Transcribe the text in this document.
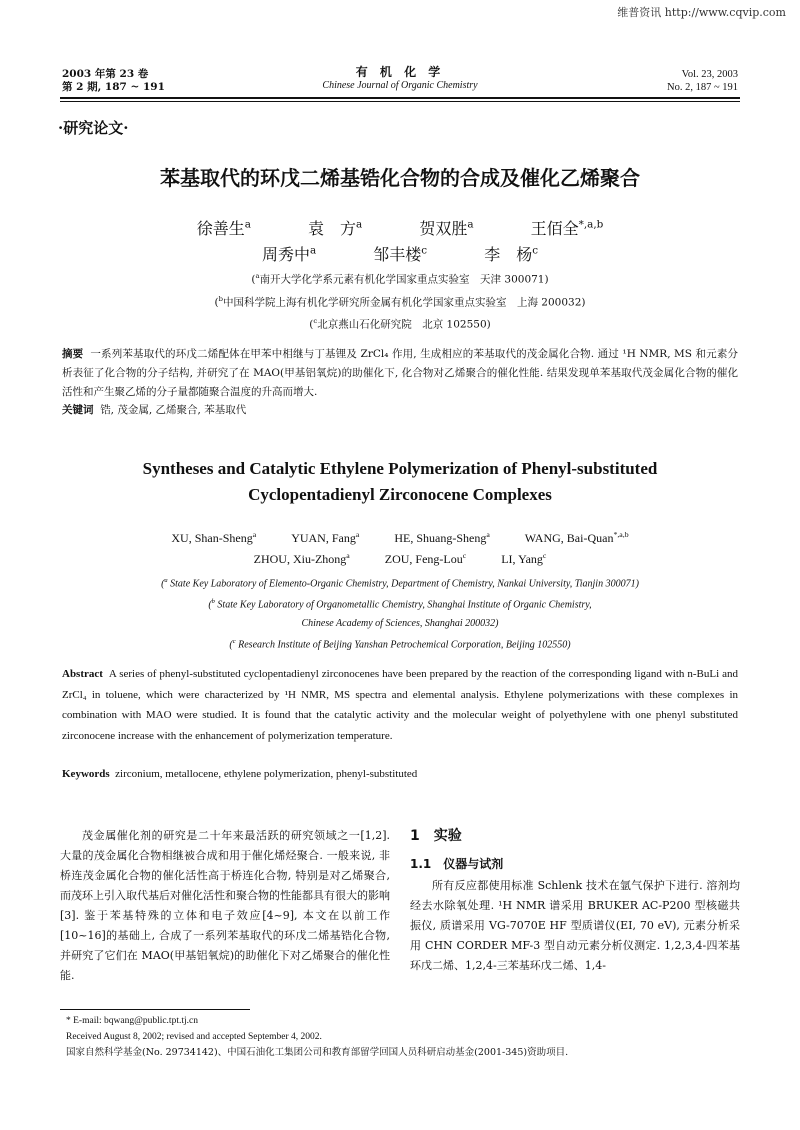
维普资讯 http://www.cqvip.com
2003 年第 23 卷
第 2 期, 187 ~ 191
有 机 化 学
Chinese Journal of Organic Chemistry
Vol. 23, 2003
No. 2, 187 ~ 191
·研究论文·
苯基取代的环戊二烯基锆化合物的合成及催化乙烯聚合
徐善生$^a$	袁　方$^a$	贺双胜$^a$	王佰全$^{*,a,b}$
周秀中$^a$	邹丰楼$^c$	李　杨$^c$
($^a$南开大学化学系元素有机化学国家重点实验室　天津 300071)
($^b$中国科学院上海有机化学研究所金属有机化学国家重点实验室　上海 200032)
($^c$北京燕山石化研究院　北京 102550)
摘要 一系列苯基取代的环戊二烯配体在甲苯中相继与丁基锂及 ZrCl₄ 作用, 生成相应的苯基取代的茂金属化合物. 通过 ¹H NMR, MS 和元素分析表征了化合物的分子结构, 并研究了在 MAO(甲基铝氧烷)的助催化下, 化合物对乙烯聚合的催化性能. 结果发现单苯基取代茂金属化合物的催化活性和产生聚乙烯的分子量都随聚合温度的升高而增大.
关键词 锆, 茂金属, 乙烯聚合, 苯基取代
Syntheses and Catalytic Ethylene Polymerization of Phenyl-substituted
Cyclopentadienyl Zirconocene Complexes
XU, Shan-Sheng$^a$	YUAN, Fang$^a$	HE, Shuang-Sheng$^a$	WANG, Bai-Quan$^{*,a,b}$
ZHOU, Xiu-Zhong$^a$	ZOU, Feng-Lou$^c$	LI, Yang$^c$
($^a$ State Key Laboratory of Elemento-Organic Chemistry, Department of Chemistry, Nankai University, Tianjin 300071)
($^b$ State Key Laboratory of Organometallic Chemistry, Shanghai Institute of Organic Chemistry,
Chinese Academy of Sciences, Shanghai 200032)
($^c$ Research Institute of Beijing Yanshan Petrochemical Corporation, Beijing 102550)
Abstract A series of phenyl-substituted cyclopentadienyl zirconocenes have been prepared by the reaction of the corresponding ligand with n-BuLi and ZrCl₄ in toluene, which were characterized by ¹H NMR, MS spectra and elemental analysis. Ethylene polymerizations with these complexes in combination with MAO were studied. It is found that the catalytic activity and the molecular weight of polyethylene with one phenyl substituted zirconocene increase with the enhancement of polymerization temperature.
Keywords zirconium, metallocene, ethylene polymerization, phenyl-substituted

茂金属催化剂的研究是二十年来最活跃的研究领域之一[1,2]. 大量的茂金属化合物相继被合成和用于催化烯烃聚合. 一般来说, 非桥连茂金属化合物的催化活性高于桥连化合物, 特别是对乙烯聚合, 而茂环上引入取代基后对催化活性和聚合物的性能都具有很大的影响[3]. 鉴于苯基特殊的立体和电子效应[4~9], 本文在以前工作[10~16]的基础上, 合成了一系列苯基取代的环戊二烯基锆化合物, 并研究了它们在 MAO(甲基铝氧烷)的助催化下对乙烯聚合的催化性能.

1　实验
1.1　仪器与试剂

所有反应都使用标准 Schlenk 技术在氩气保护下进行. 溶剂均经去水除氧处理. ¹H NMR 谱采用 BRUKER AC-P200 型核磁共振仪, 质谱采用 VG-7070E HF 型质谱仪(EI, 70 eV), 元素分析采用 CHN CORDER MF-3 型自动元素分析仪测定. 1,2,3,4-四苯基环戊二烯、1,2,4-三苯基环戊二烯、1,4-

* E-mail: bqwang@public.tpt.tj.cn
Received August 8, 2002; revised and accepted September 4, 2002.
国家自然科学基金(No. 29734142)、中国石油化工集团公司和教育部留学回国人员科研启动基金(2001-345)资助项目.
